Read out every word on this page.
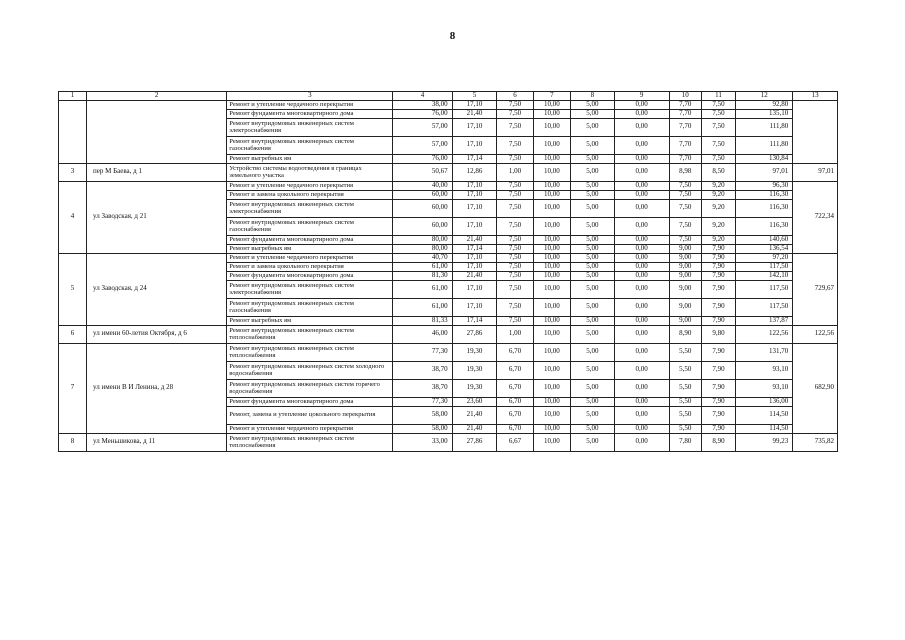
8
1	2	3	4	5	6	7	8	9	10	11	12	13
		Ремонт и утепление чердачного перекрытия	38,00	17,10	7,50	10,00	5,00	0,00	7,70	7,50	92,80	
		Ремонт фундамента многоквартирного дома	76,00	21,40	7,50	10,00	5,00	0,00	7,70	7,50	135,10	
		Ремонт внутридомовых инженерных систем электроснабжения	57,00	17,10	7,50	10,00	5,00	0,00	7,70	7,50	111,80	
		Ремонт внутридомовых инженерных систем газоснабжения	57,00	17,10	7,50	10,00	5,00	0,00	7,70	7,50	111,80	
		Ремонт выгребных ям	76,00	17,14	7,50	10,00	5,00	0,00	7,70	7,50	130,84	
3	пер М Баева, д 1	Устройство системы водоотведения в границах земельного участка	50,67	12,86	1,00	10,00	5,00	0,00	8,98	8,50	97,01	97,01
4	ул Заводская, д 21	Ремонт и утепление чердачного перекрытия	40,00	17,10	7,50	10,00	5,00	0,00	7,50	9,20	96,30	722,34
		Ремонт и замена цокольного перекрытия	60,00	17,10	7,50	10,00	5,00	0,00	7,50	9,20	116,30	
		Ремонт внутридомовых инженерных систем электроснабжения	60,00	17,10	7,50	10,00	5,00	0,00	7,50	9,20	116,30	
		Ремонт внутридомовых инженерных систем газоснабжения	60,00	17,10	7,50	10,00	5,00	0,00	7,50	9,20	116,30	
		Ремонт фундамента многоквартирного дома	80,00	21,40	7,50	10,00	5,00	0,00	7,50	9,20	140,60	
		Ремонт выгребных ям	80,00	17,14	7,50	10,00	5,00	0,00	9,00	7,90	136,54	
5	ул Заводская, д 24	Ремонт и утепление чердачного перекрытия	40,70	17,10	7,50	10,00	5,00	0,00	9,00	7,90	97,20	729,67
		Ремонт и замена цокольного перекрытия	61,00	17,10	7,50	10,00	5,00	0,00	9,00	7,90	117,50	
		Ремонт фундамента многоквартирного дома	81,30	21,40	7,50	10,00	5,00	0,00	9,00	7,90	142,10	
		Ремонт внутридомовых инженерных систем электроснабжения	61,00	17,10	7,50	10,00	5,00	0,00	9,00	7,90	117,50	
		Ремонт внутридомовых инженерных систем газоснабжения	61,00	17,10	7,50	10,00	5,00	0,00	9,00	7,90	117,50	
		Ремонт выгребных ям	81,33	17,14	7,50	10,00	5,00	0,00	9,00	7,90	137,87	
6	ул имени 60-летия Октября, д 6	Ремонт внутридомовых инженерных систем теплоснабжения	46,00	27,86	1,00	10,00	5,00	0,00	8,90	9,80	122,56	122,56
7	ул имени В И Ленина, д 28	Ремонт внутридомовых инженерных систем теплоснабжения	77,30	19,30	6,70	10,00	5,00	0,00	5,50	7,90	131,70	682,90
		Ремонт внутридомовых инженерных систем холодного водоснабжения	38,70	19,30	6,70	10,00	5,00	0,00	5,50	7,90	93,10	
		Ремонт внутридомовых инженерных систем горячего водоснабжения	38,70	19,30	6,70	10,00	5,00	0,00	5,50	7,90	93,10	
		Ремонт фундамента многоквартирного дома	77,30	23,60	6,70	10,00	5,00	0,00	5,50	7,90	136,00	
		Ремонт, замена и утепление цокольного перекрытия	58,00	21,40	6,70	10,00	5,00	0,00	5,50	7,90	114,50	
		Ремонт и утепление чердачного перекрытия	58,00	21,40	6,70	10,00	5,00	0,00	5,50	7,90	114,50	
8	ул Меньшикова, д 11	Ремонт внутридомовых инженерных систем теплоснабжения	33,00	27,86	6,67	10,00	5,00	0,00	7,80	8,90	99,23	735,82
